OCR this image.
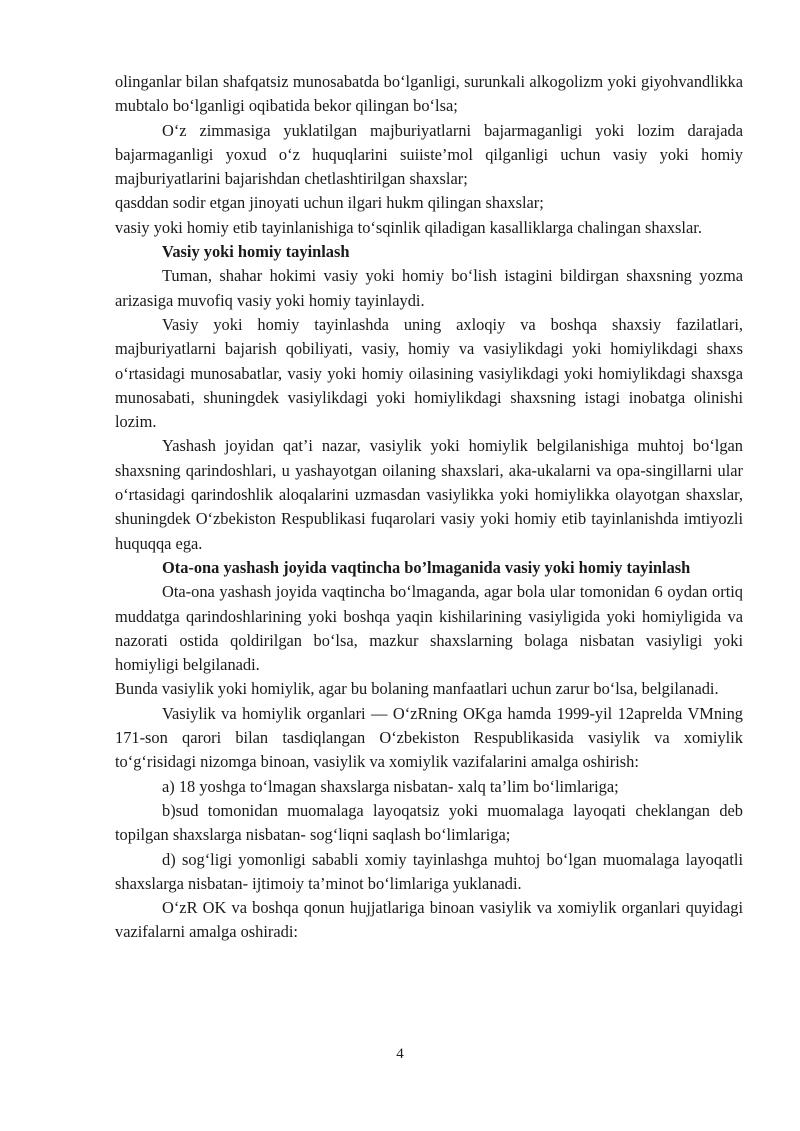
olinganlar bilan shafqatsiz munosabatda bo‘lganligi, surunkali alkogolizm yoki giyohvandlikka mubtalo bo‘lganligi oqibatida bekor qilingan bo‘lsa;

O‘z zimmasiga yuklatilgan majburiyatlarni bajarmaganligi yoki lozim darajada bajarmaganligi yoxud o‘z huquqlarini suiiste’mol qilganligi uchun vasiy yoki homiy majburiyatlarini bajarishdan chetlashtirilgan shaxslar;

qasddan sodir etgan jinoyati uchun ilgari hukm qilingan shaxslar;

vasiy yoki homiy etib tayinlanishiga to‘sqinlik qiladigan kasalliklarga chalingan shaxslar.

Vasiy yoki homiy tayinlash

Tuman, shahar hokimi vasiy yoki homiy bo‘lish istagini bildirgan shaxsning yozma arizasiga muvofiq vasiy yoki homiy tayinlaydi.

Vasiy yoki homiy tayinlashda uning axloqiy va boshqa shaxsiy fazilatlari, majburiyatlarni bajarish qobiliyati, vasiy, homiy va vasiylikdagi yoki homiylikdagi shaxs o‘rtasidagi munosabatlar, vasiy yoki homiy oilasining vasiylikdagi yoki homiylikdagi shaxsga munosabati, shuningdek vasiylikdagi yoki homiylikdagi shaxsning istagi inobatga olinishi lozim.

Yashash joyidan qat’i nazar, vasiylik yoki homiylik belgilanishiga muhtoj bo‘lgan shaxsning qarindoshlari, u yashayotgan oilaning shaxslari, aka-ukalarni va opa-singillarni ular o‘rtasidagi qarindoshlik aloqalarini uzmasdan vasiylikka yoki homiylikka olayotgan shaxslar, shuningdek O‘zbekiston Respublikasi fuqarolari vasiy yoki homiy etib tayinlanishda imtiyozli huquqqa ega.

Ota-ona yashash joyida vaqtincha bo’lmaganida vasiy yoki homiy tayinlash

Ota-ona yashash joyida vaqtincha bo‘lmaganda, agar bola ular tomonidan 6 oydan ortiq muddatga qarindoshlarining yoki boshqa yaqin kishilarining vasiyligida yoki homiyligida va nazorati ostida qoldirilgan bo‘lsa, mazkur shaxslarning bolaga nisbatan vasiyligi yoki homiyligi belgilanadi.

Bunda vasiylik yoki homiylik, agar bu bolaning manfaatlari uchun zarur bo‘lsa, belgilanadi.

Vasiylik va homiylik organlari — O‘zRning OKga hamda 1999-yil 12aprelda VMning 171-son qarori bilan tasdiqlangan O‘zbekiston Respublikasida vasiylik va xomiylik to‘g‘risidagi nizomga binoan, vasiylik va xomiylik vazifalarini amalga oshirish:

a) 18 yoshga to‘lmagan shaxslarga nisbatan- xalq ta’lim bo‘limlariga;

b)sud tomonidan muomalaga layoqatsiz yoki muomalaga layoqati cheklangan deb topilgan shaxslarga nisbatan- sog‘liqni saqlash bo‘limlariga;

d) sog‘ligi yomonligi sababli xomiy tayinlashga muhtoj bo‘lgan muomalaga layoqatli shaxslarga nisbatan- ijtimoiy ta’minot bo‘limlariga yuklanadi.

O‘zR OK va boshqa qonun hujjatlariga binoan vasiylik va xomiylik organlari quyidagi vazifalarni amalga oshiradi:

4
